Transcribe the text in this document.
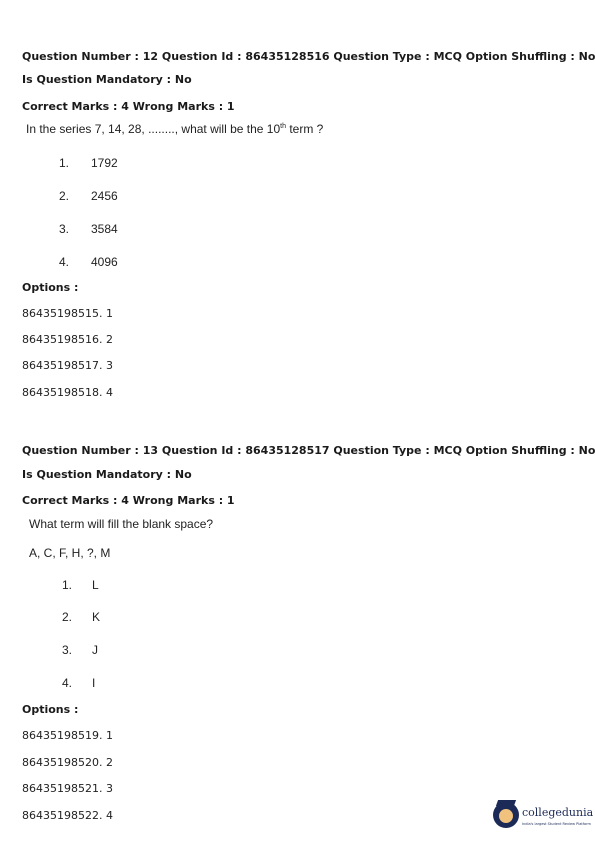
Question Number : 12 Question Id : 86435128516 Question Type : MCQ Option Shuffling : No
Is Question Mandatory : No
Correct Marks : 4 Wrong Marks : 1
In the series 7, 14, 28, ........, what will be the 10th term ?
1. 1792
2. 2456
3. 3584
4. 4096
Options :
86435198515. 1
86435198516. 2
86435198517. 3
86435198518. 4
Question Number : 13 Question Id : 86435128517 Question Type : MCQ Option Shuffling : No
Is Question Mandatory : No
Correct Marks : 4 Wrong Marks : 1
What term will fill the blank space?
A, C, F, H, ?, M
1. L
2. K
3. J
4. I
Options :
86435198519. 1
86435198520. 2
86435198521. 3
86435198522. 4	collegedunia
India's largest Student Review Platform
